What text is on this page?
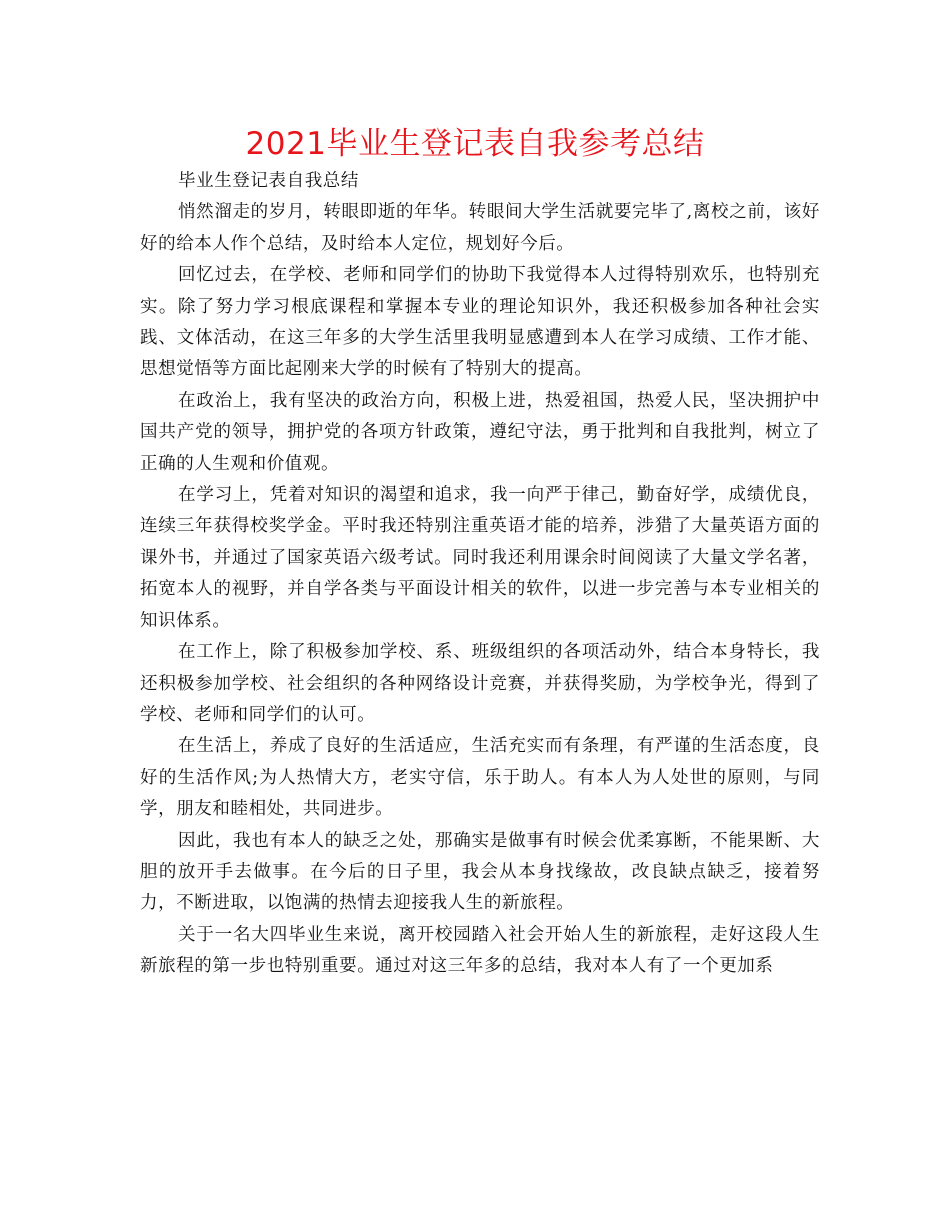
2021毕业生登记表自我参考总结

毕业生登记表自我总结

悄然溜走的岁月，转眼即逝的年华。转眼间大学生活就要完毕了,离校之前，该好好的给本人作个总结，及时给本人定位，规划好今后。

回忆过去，在学校、老师和同学们的协助下我觉得本人过得特别欢乐，也特别充实。除了努力学习根底课程和掌握本专业的理论知识外，我还积极参加各种社会实践、文体活动，在这三年多的大学生活里我明显感遭到本人在学习成绩、工作才能、思想觉悟等方面比起刚来大学的时候有了特别大的提高。

在政治上，我有坚决的政治方向，积极上进，热爱祖国，热爱人民，坚决拥护中国共产党的领导，拥护党的各项方针政策，遵纪守法，勇于批判和自我批判，树立了正确的人生观和价值观。

在学习上，凭着对知识的渴望和追求，我一向严于律己，勤奋好学，成绩优良，连续三年获得校奖学金。平时我还特别注重英语才能的培养，涉猎了大量英语方面的课外书，并通过了国家英语六级考试。同时我还利用课余时间阅读了大量文学名著，拓宽本人的视野，并自学各类与平面设计相关的软件，以进一步完善与本专业相关的知识体系。

在工作上，除了积极参加学校、系、班级组织的各项活动外，结合本身特长，我还积极参加学校、社会组织的各种网络设计竞赛，并获得奖励，为学校争光，得到了学校、老师和同学们的认可。

在生活上，养成了良好的生活适应，生活充实而有条理，有严谨的生活态度，良好的生活作风;为人热情大方，老实守信，乐于助人。有本人为人处世的原则，与同学，朋友和睦相处，共同进步。

因此，我也有本人的缺乏之处，那确实是做事有时候会优柔寡断，不能果断、大胆的放开手去做事。在今后的日子里，我会从本身找缘故，改良缺点缺乏，接着努力，不断进取，以饱满的热情去迎接我人生的新旅程。

关于一名大四毕业生来说，离开校园踏入社会开始人生的新旅程，走好这段人生新旅程的第一步也特别重要。通过对这三年多的总结，我对本人有了一个更加系
